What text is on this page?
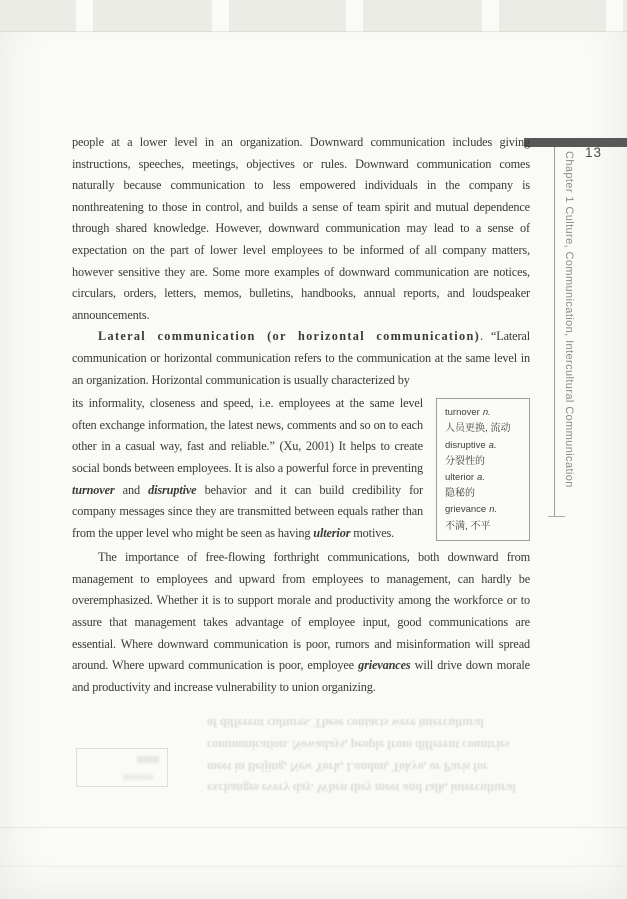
13
Chapter 1 Culture, Communication, Intercultural Communication

people at a lower level in an organization. Downward communication includes giving instructions, speeches, meetings, objectives or rules. Downward communication comes naturally because communication to less empowered individuals in the company is nonthreatening to those in control, and builds a sense of team spirit and mutual dependence through shared knowledge. However, downward communication may lead to a sense of expectation on the part of lower level employees to be informed of all company matters, however sensitive they are. Some more examples of downward communication are notices, circulars, orders, letters, memos, bulletins, handbooks, annual reports, and loudspeaker announcements.

Lateral communication (or horizontal communication). “Lateral communication or horizontal communication refers to the communication at the same level in an organization. Horizontal communication is usually characterized by

its informality, closeness and speed, i.e. employees at the same level often exchange information, the latest news, comments and so on to each other in a casual way, fast and reliable.” (Xu, 2001) It helps to create social bonds between employees. It is also a powerful force in preventing turnover and disruptive behavior and it can build credibility for company messages since they are transmitted between equals rather than from the upper level who might be seen as having ulterior motives.
turnover n.
人员更换, 流动
disruptive a.
分裂性的
ulterior a.
隐秘的
grievance n.
不满, 不平

The importance of free-flowing forthright communications, both downward from management to employees and upward from employees to management, can hardly be overemphasized. Whether it is to support morale and productivity among the workforce or to assure that management takes advantage of employee input, good communications are essential. Where downward communication is poor, rumors and misinformation will spread around. Where upward communication is poor, employee grievances will drive down morale and productivity and increase vulnerability to union organizing.

of different cultures. These contacts were intercultural
communication. Nowadays, people from different countries
meet in Beijing, New York, London, Tokyo, or Paris for
exchanges every day. When they meet and talk, intercultural
